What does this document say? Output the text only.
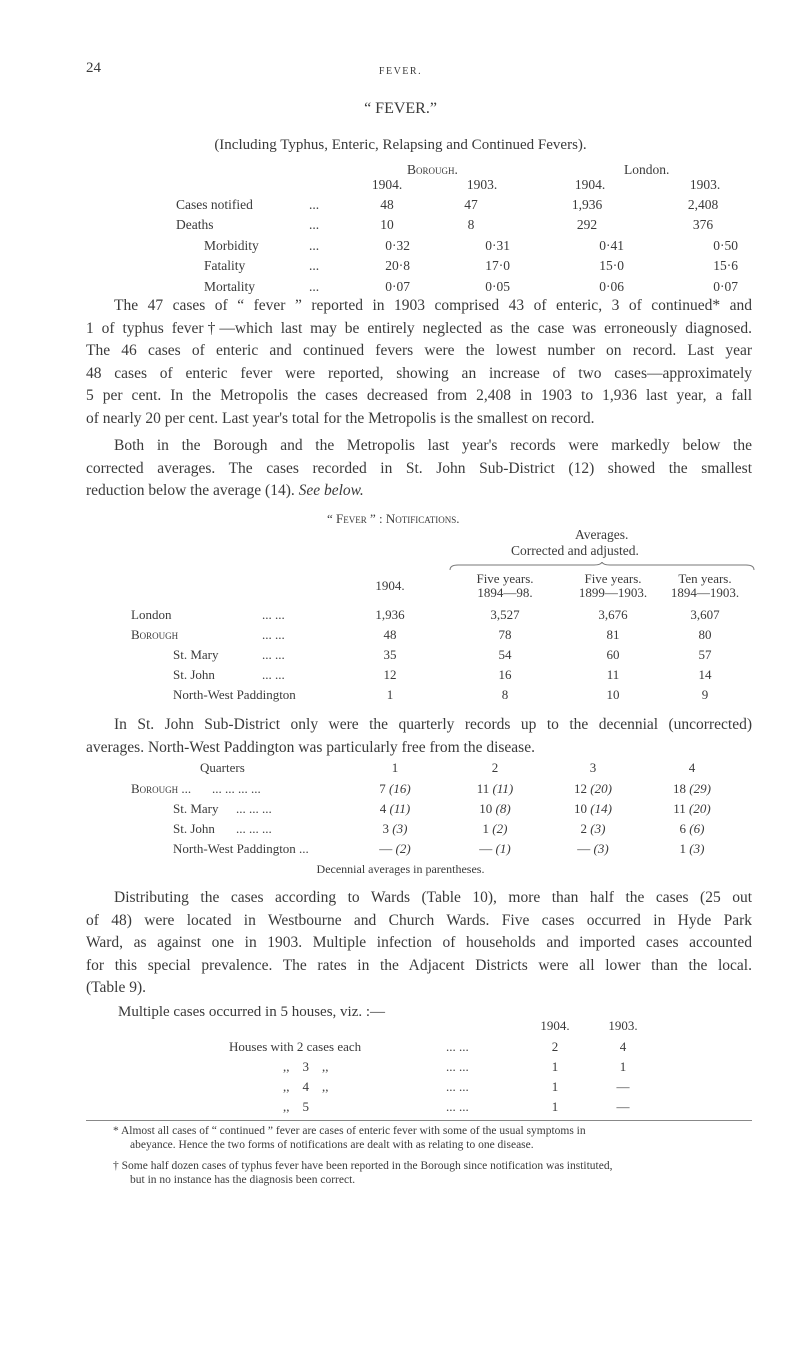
24	FEVER.
“ FEVER.”
(Including Typhus, Enteric, Relapsing and Continued Fevers).
Borough.	London.
1904.	1903.	1904.	1903.
Cases notified	...	48	47	1,936	2,408
Deaths	...	10	8	292	376
Morbidity	...	0·32	0·31	0·41	0·50
Fatality	...	20·8	17·0	15·0	15·6
Mortality	...	0·07	0·05	0·06	0·07
The 47 cases of “ fever ” reported in 1903 comprised 43 of enteric, 3 of continued* and
1 of typhus fever†—which last may be entirely neglected as the case was erroneously diagnosed.
The 46 cases of enteric and continued fevers were the lowest number on record. Last year
48 cases of enteric fever were reported, showing an increase of two cases—approximately
5 per cent. In the Metropolis the cases decreased from 2,408 in 1903 to 1,936 last year, a fall
of nearly 20 per cent. Last year's total for the Metropolis is the smallest on record.
Both in the Borough and the Metropolis last year's records were markedly below the
corrected averages. The cases recorded in St. John Sub-District (12) showed the smallest
reduction below the average (14). See below.
“ Fever ” : Notifications.
Averages.
Corrected and adjusted.
1904.	Five years.
1894—98.
Five years.
1899—1903.
Ten years.
1894—1903.
London	... ...	1,936	3,527	3,676	3,607
Borough	... ...	48	78	81	80
St. Mary	... ...	35	54	60	57
St. John	... ...	12	16	11	14
North-West Paddington	1	8	10	9
In St. John Sub-District only were the quarterly records up to the decennial (uncorrected)
averages. North-West Paddington was particularly free from the disease.
Quarters	1	2	3	4
Borough ... ... ... ... ...	7 (16)	11 (11)	12 (20)	18 (29)
St. Mary ... ... ...	4 (11)	10 (8)	10 (14)	11 (20)
St. John ... ... ...	3 (3)	1 (2)	2 (3)	6 (6)
North-West Paddington ...	— (2)	— (1)	— (3)	1 (3)
Decennial averages in parentheses.
Distributing the cases according to Wards (Table 10), more than half the cases (25 out
of 48) were located in Westbourne and Church Wards. Five cases occurred in Hyde Park
Ward, as against one in 1903. Multiple infection of households and imported cases accounted
for this special prevalence. The rates in the Adjacent Districts were all lower than the local.
(Table 9).
Multiple cases occurred in 5 houses, viz. :—
1904.	1903.
Houses with 2 cases each	... ...	2	4
,,    3    ,,	... ...	1	1
,,    4    ,,	... ...	1	—
,,    5	... ...	1	—
* Almost all cases of “ continued ” fever are cases of enteric fever with some of the usual symptoms in
abeyance. Hence the two forms of notifications are dealt with as relating to one disease.
† Some half dozen cases of typhus fever have been reported in the Borough since notification was instituted,
but in no instance has the diagnosis been correct.
